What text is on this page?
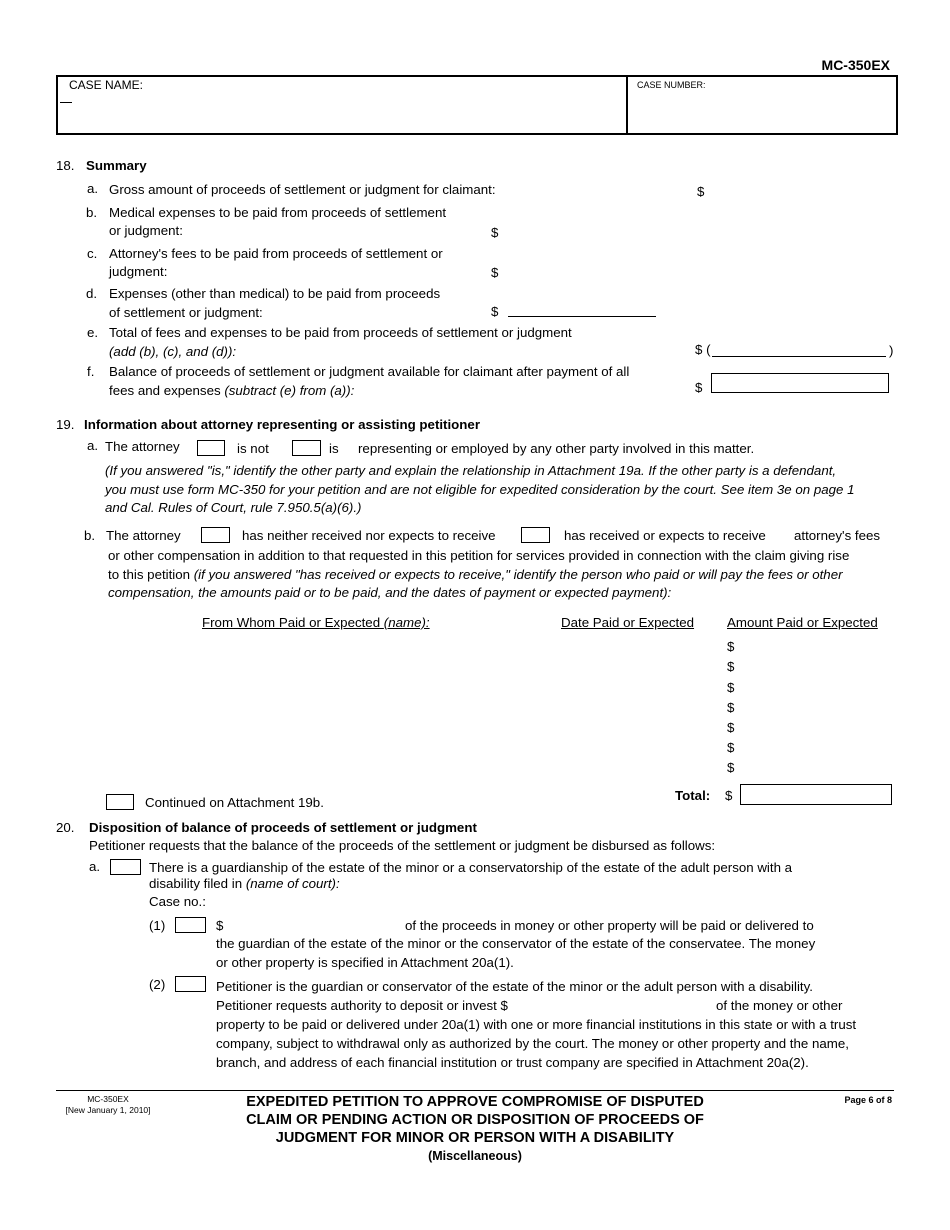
MC-350EX
CASE NAME:	CASE NUMBER:
18. Summary
a. Gross amount of proceeds of settlement or judgment for claimant:	$
b. Medical expenses to be paid from proceeds of settlement
or judgment:	$
c. Attorney's fees to be paid from proceeds of settlement or
judgment:	$
d. Expenses (other than medical) to be paid from proceeds
of settlement or judgment:	$
e. Total of fees and expenses to be paid from proceeds of settlement or judgment
(add (b), (c), and (d)):	$ (	)
f. Balance of proceeds of settlement or judgment available for claimant after payment of all
fees and expenses (subtract (e) from (a)):	$
19. Information about attorney representing or assisting petitioner
a. The attorney	is not	is representing or employed by any other party involved in this matter.
(If you answered "is," identify the other party and explain the relationship in Attachment 19a. If the other party is a defendant,
you must use form MC-350 for your petition and are not eligible for expedited consideration by the court. See item 3e on page 1
and Cal. Rules of Court, rule 7.950.5(a)(6).)
b. The attorney	has neither received nor expects to receive	has received or expects to receive attorney's fees
or other compensation in addition to that requested in this petition for services provided in connection with the claim giving rise
to this petition (if you answered "has received or expects to receive," identify the person who paid or will pay the fees or other
compensation, the amounts paid or to be paid, and the dates of payment or expected payment):
From Whom Paid or Expected (name):	Date Paid or Expected Amount Paid or Expected
$
$
$
$
$
$
$
Continued on Attachment 19b.	Total: $
20. Disposition of balance of proceeds of settlement or judgment
Petitioner requests that the balance of the proceeds of the settlement or judgment be disbursed as follows:
a.	There is a guardianship of the estate of the minor or a conservatorship of the estate of the adult person with a
disability filed in (name of court):
Case no.:
(1)	$	of the proceeds in money or other property will be paid or delivered to
the guardian of the estate of the minor or the conservator of the estate of the conservatee. The money
or other property is specified in Attachment 20a(1).
(2)	Petitioner is the guardian or conservator of the estate of the minor or the adult person with a disability.
Petitioner requests authority to deposit or invest $	of the money or other
property to be paid or delivered under 20a(1) with one or more financial institutions in this state or with a trust
company, subject to withdrawal only as authorized by the court. The money or other property and the name,
branch, and address of each financial institution or trust company are specified in Attachment 20a(2).
MC-350EX
[New January 1, 2010]	EXPEDITED PETITION TO APPROVE COMPROMISE OF DISPUTED
CLAIM OR PENDING ACTION OR DISPOSITION OF PROCEEDS OF
JUDGMENT FOR MINOR OR PERSON WITH A DISABILITY
(Miscellaneous)
Page 6 of 8
